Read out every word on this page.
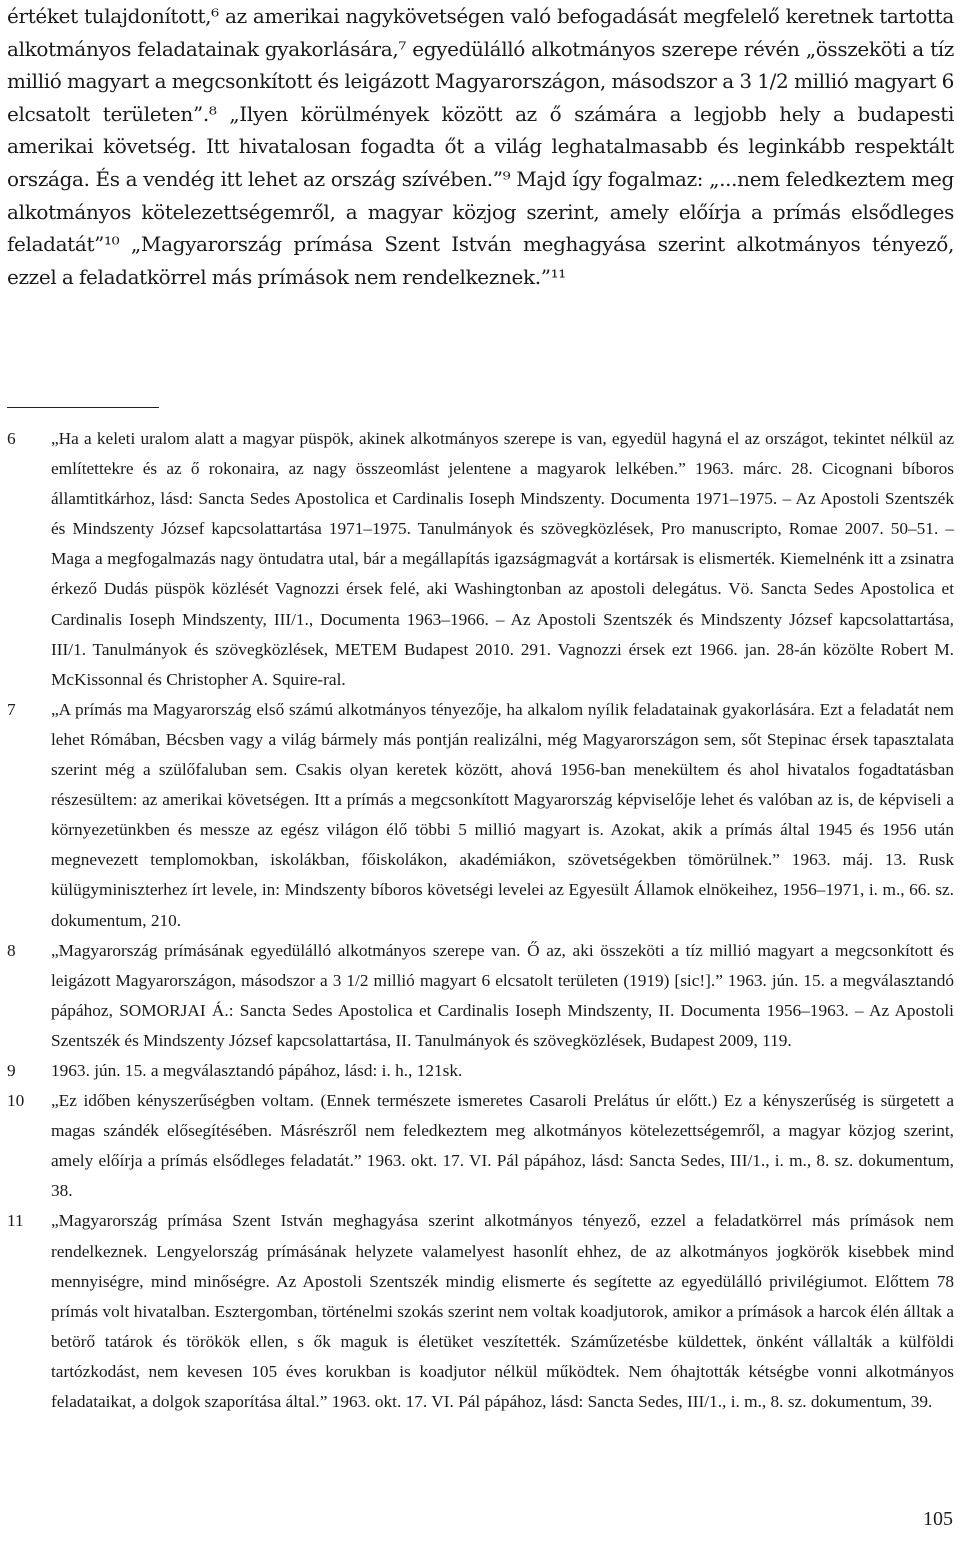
értéket tulajdonított,⁶ az amerikai nagykövetségen való befogadását megfelelő keretnek tartotta alkotmányos feladatainak gyakorlására,⁷ egyedülálló alkotmányos szerepe révén „összeköti a tíz millió magyart a megcsonkított és leigázott Magyarországon, másodszor a 3 1/2 millió magyart 6 elcsatolt területen”.⁸ „Ilyen körülmények között az ő számára a legjobb hely a budapesti amerikai követség. Itt hivatalosan fogadta őt a világ leghatalmasabb és leginkább respektált országa. És a vendég itt lehet az ország szívében.”⁹ Majd így fogalmaz: „...nem feledkeztem meg alkotmányos kötelezettségemről, a magyar közjog szerint, amely előírja a prímás elsődleges feladatát”¹⁰ „Magyarország prímása Szent István meghagyása szerint alkotmányos tényező, ezzel a feladatkörrel más prímások nem rendelkeznek.”¹¹

6	„Ha a keleti uralom alatt a magyar püspök, akinek alkotmányos szerepe is van, egyedül hagyná el az országot, tekintet nélkül az említettekre és az ő rokonaira, az nagy összeomlást jelentene a magyarok lelkében.” 1963. márc. 28. Cicognani bíboros államtitkárhoz, lásd: Sancta Sedes Apostolica et Cardinalis Ioseph Mindszenty. Documenta 1971–1975. – Az Apostoli Szentszék és Mindszenty József kapcsolattartása 1971–1975. Tanulmányok és szövegközlések, Pro manuscripto, Romae 2007. 50–51. – Maga a megfogalmazás nagy öntudatra utal, bár a megállapítás igazságmagvát a kortársak is elismerték. Kiemelnénk itt a zsinatra érkező Dudás püspök közlését Vagnozzi érsek felé, aki Washingtonban az apostoli delegátus. Vö. Sancta Sedes Apostolica et Cardinalis Ioseph Mindszenty, III/1., Documenta 1963–1966. – Az Apostoli Szentszék és Mindszenty József kapcsolattartása, III/1. Tanulmányok és szövegközlések, METEM Budapest 2010. 291. Vagnozzi érsek ezt 1966. jan. 28-án közölte Robert M. McKissonnal és Christopher A. Squire-ral.
7	„A prímás ma Magyarország első számú alkotmányos tényezője, ha alkalom nyílik feladatainak gyakorlására. Ezt a feladatát nem lehet Rómában, Bécsben vagy a világ bármely más pontján realizálni, még Magyarországon sem, sőt Stepinac érsek tapasztalata szerint még a szülőfaluban sem. Csakis olyan keretek között, ahová 1956-ban menekültem és ahol hivatalos fogadtatásban részesültem: az amerikai követségen. Itt a prímás a megcsonkított Magyarország képviselője lehet és valóban az is, de képviseli a környezetünkben és messze az egész világon élő többi 5 millió magyart is. Azokat, akik a prímás által 1945 és 1956 után megnevezett templomokban, iskolákban, főiskolákon, akadémiákon, szövetségekben tömörülnek.” 1963. máj. 13. Rusk külügyminiszterhez írt levele, in: Mindszenty bíboros követségi levelei az Egyesült Államok elnökeihez, 1956–1971, i. m., 66. sz. dokumentum, 210.
8	„Magyarország prímásának egyedülálló alkotmányos szerepe van. Ő az, aki összeköti a tíz millió magyart a megcsonkított és leigázott Magyarországon, másodszor a 3 1/2 millió magyart 6 elcsatolt területen (1919) [sic!].” 1963. jún. 15. a megválasztandó pápához, SOMORJAI Á.: Sancta Sedes Apostolica et Cardinalis Ioseph Mindszenty, II. Documenta 1956–1963. – Az Apostoli Szentszék és Mindszenty József kapcsolattartása, II. Tanulmányok és szövegközlések, Budapest 2009, 119.
9	1963. jún. 15. a megválasztandó pápához, lásd: i. h., 121sk.
10	„Ez időben kényszerűségben voltam. (Ennek természete ismeretes Casaroli Prelátus úr előtt.) Ez a kényszerűség is sürgetett a magas szándék elősegítésében. Másrészről nem feledkeztem meg alkotmányos kötelezettségemről, a magyar közjog szerint, amely előírja a prímás elsődleges feladatát.” 1963. okt. 17. VI. Pál pápához, lásd: Sancta Sedes, III/1., i. m., 8. sz. dokumentum, 38.
11	„Magyarország prímása Szent István meghagyása szerint alkotmányos tényező, ezzel a feladatkörrel más prímások nem rendelkeznek. Lengyelország prímásának helyzete valamelyest hasonlít ehhez, de az alkotmányos jogkörök kisebbek mind mennyiségre, mind minőségre. Az Apostoli Szentszék mindig elismerte és segítette az egyedülálló privilégiumot. Előttem 78 prímás volt hivatalban. Esztergomban, történelmi szokás szerint nem voltak koadjutorok, amikor a prímások a harcok élén álltak a betörő tatárok és törökök ellen, s ők maguk is életüket veszítették. Száműzetésbe küldettek, önként vállalták a külföldi tartózkodást, nem kevesen 105 éves korukban is koadjutor nélkül működtek. Nem óhajtották kétségbe vonni alkotmányos feladataikat, a dolgok szaporítása által.” 1963. okt. 17. VI. Pál pápához, lásd: Sancta Sedes, III/1., i. m., 8. sz. dokumentum, 39.
105
